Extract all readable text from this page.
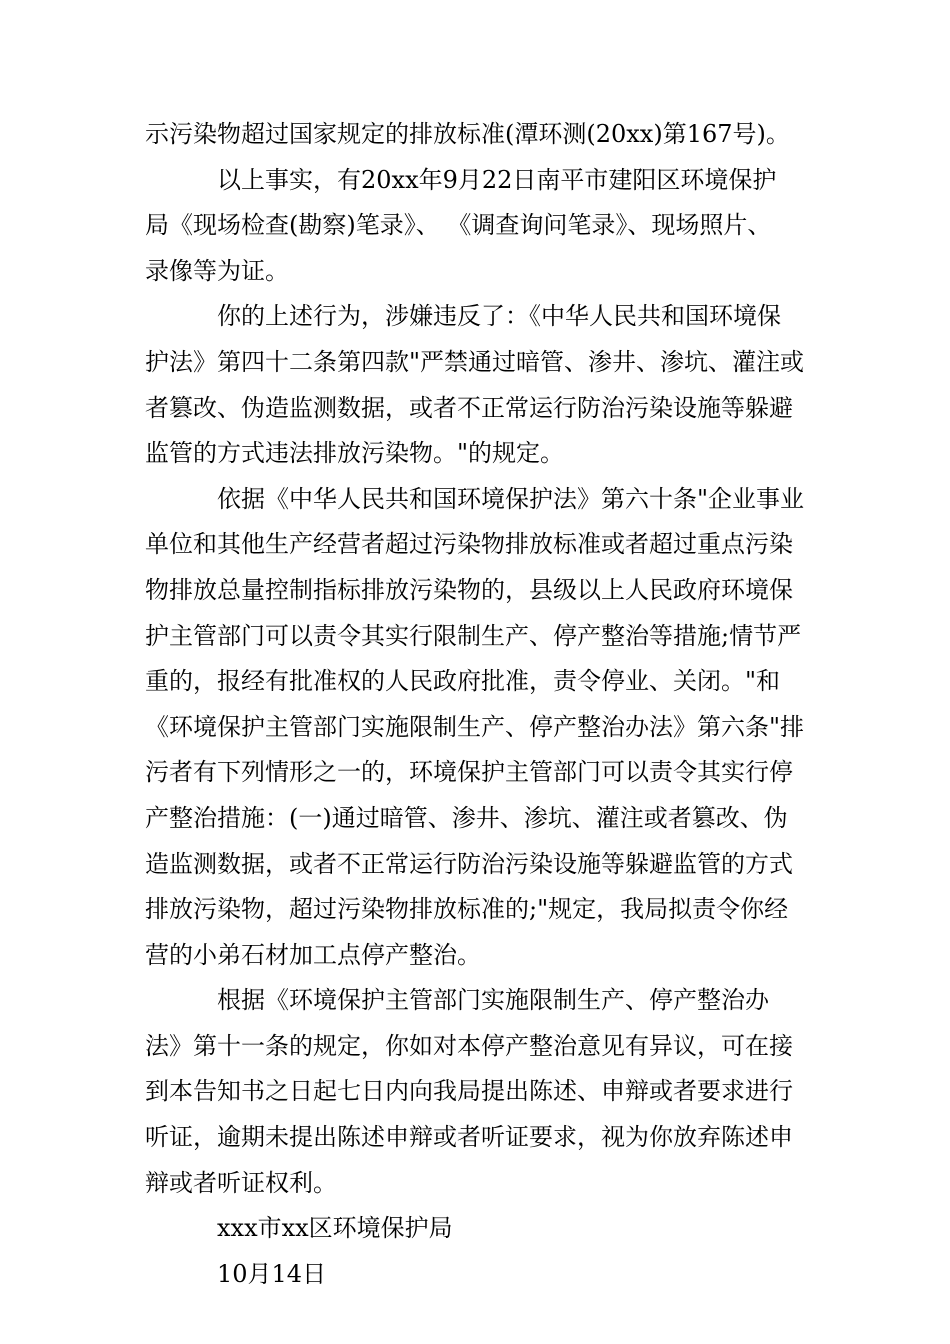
示污染物超过国家规定的排放标准(潭环测(20xx)第167号)。
以上事实，有20xx年9月22日南平市建阳区环境保护
局《现场检查(勘察)笔录》、 《调查询问笔录》、现场照片、
录像等为证。
你的上述行为，涉嫌违反了：《中华人民共和国环境保
护法》第四十二条第四款"严禁通过暗管、渗井、渗坑、灌注或
者篡改、伪造监测数据，或者不正常运行防治污染设施等躲避
监管的方式违法排放污染物。"的规定。
依据《中华人民共和国环境保护法》第六十条"企业事业
单位和其他生产经营者超过污染物排放标准或者超过重点污染
物排放总量控制指标排放污染物的，县级以上人民政府环境保
护主管部门可以责令其实行限制生产、停产整治等措施;情节严
重的，报经有批准权的人民政府批准，责令停业、关闭。"和
《环境保护主管部门实施限制生产、停产整治办法》第六条"排
污者有下列情形之一的，环境保护主管部门可以责令其实行停
产整治措施：(一)通过暗管、渗井、渗坑、灌注或者篡改、伪
造监测数据，或者不正常运行防治污染设施等躲避监管的方式
排放污染物，超过污染物排放标准的;"规定，我局拟责令你经
营的小弟石材加工点停产整治。
根据《环境保护主管部门实施限制生产、停产整治办
法》第十一条的规定，你如对本停产整治意见有异议，可在接
到本告知书之日起七日内向我局提出陈述、申辩或者要求进行
听证，逾期未提出陈述申辩或者听证要求，视为你放弃陈述申
辩或者听证权利。
xxx市xx区环境保护局
10月14日
